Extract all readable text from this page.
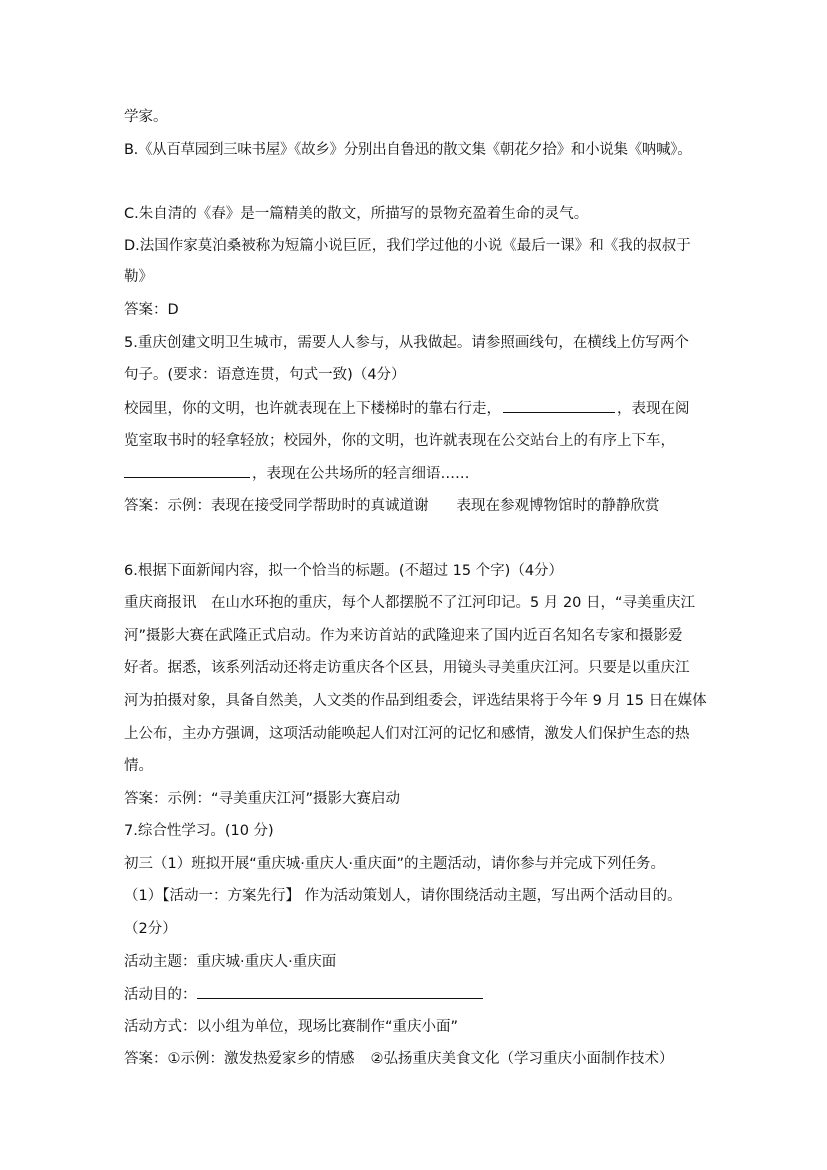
学家。
B.《从百草园到三味书屋》《故乡》分别出自鲁迅的散文集《朝花夕拾》和小说集《呐喊》。
C.朱自清的《春》是一篇精美的散文，所描写的景物充盈着生命的灵气。
D.法国作家莫泊桑被称为短篇小说巨匠，我们学过他的小说《最后一课》和《我的叔叔于
勒》
答案：D
5.重庆创建文明卫生城市，需要人人参与，从我做起。请参照画线句，在横线上仿写两个
句子。(要求：语意连贯，句式一致)（4分）
校园里，你的文明，也许就表现在上下楼梯时的靠右行走，	，表现在阅
览室取书时的轻拿轻放；校园外，你的文明，也许就表现在公交站台上的有序上下车，
，表现在公共场所的轻言细语……
答案：示例：表现在接受同学帮助时的真诚道谢 表现在参观博物馆时的静静欣赏
6.根据下面新闻内容，拟一个恰当的标题。(不超过 15 个字)（4分）
重庆商报讯　在山水环抱的重庆，每个人都摆脱不了江河印记。5 月 20 日，“寻美重庆江
河”摄影大赛在武隆正式启动。作为来访首站的武隆迎来了国内近百名知名专家和摄影爱
好者。据悉，该系列活动还将走访重庆各个区县，用镜头寻美重庆江河。只要是以重庆江
河为拍摄对象，具备自然美，人文类的作品到组委会，评选结果将于今年 9 月 15 日在媒体
上公布，主办方强调，这项活动能唤起人们对江河的记忆和感情，激发人们保护生态的热
情。
答案：示例：“寻美重庆江河”摄影大赛启动
7.综合性学习。(10 分)
初三（1）班拟开展“重庆城·重庆人·重庆面”的主题活动，请你参与并完成下列任务。
（1）【活动一：方案先行】 作为活动策划人，请你围绕活动主题，写出两个活动目的。
（2分）
活动主题：重庆城·重庆人·重庆面
活动目的：
活动方式：以小组为单位，现场比赛制作“重庆小面”
答案：①示例：激发热爱家乡的情感 ②弘扬重庆美食文化（学习重庆小面制作技术）
